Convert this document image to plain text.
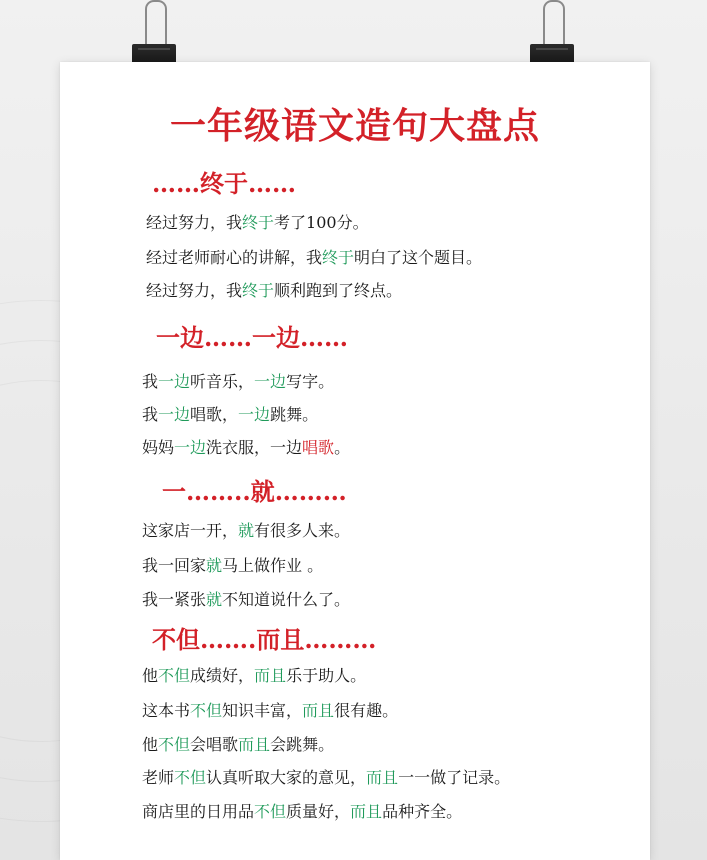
一年级语文造句大盘点
……终于……

经过努力，我终于考了100分。

经过老师耐心的讲解，我终于明白了这个题目。

经过努力，我终于顺利跑到了终点。

一边……一边……

我一边听音乐，一边写字。

我一边唱歌，一边跳舞。

妈妈一边洗衣服，一边唱歌。

一……..就………

这家店一开，就有很多人来。

我一回家就马上做作业 。

我一紧张就不知道说什么了。

不但…….而且………

他不但成绩好，而且乐于助人。

这本书不但知识丰富，而且很有趣。

他不但会唱歌而且会跳舞。

老师不但认真听取大家的意见，而且一一做了记录。

商店里的日用品不但质量好，而且品种齐全。
